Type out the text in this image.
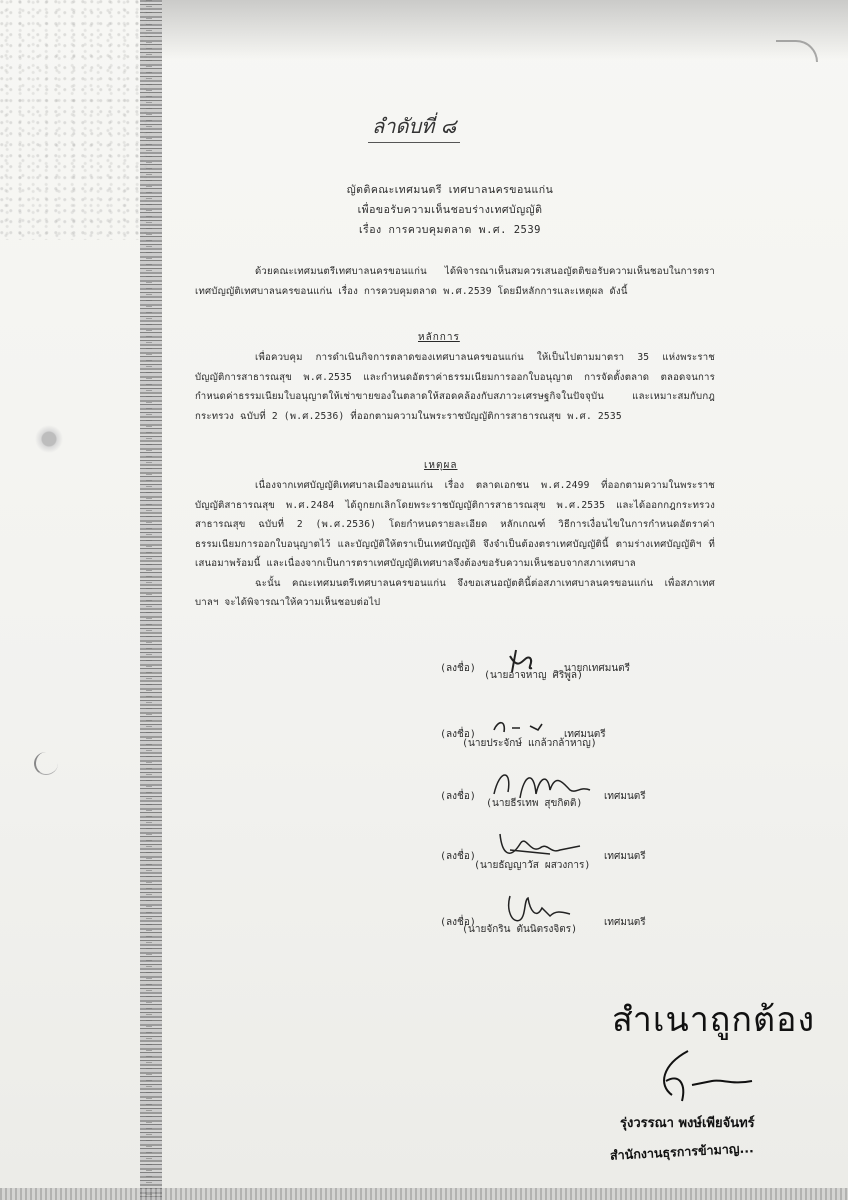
ลำดับที่ ๘
ญัตติคณะเทศมนตรี เทศบาลนครขอนแก่น
เพื่อขอรับความเห็นชอบร่างเทศบัญญัติ
เรื่อง การควบคุมตลาด พ.ศ. 2539

ด้วยคณะเทศมนตรีเทศบาลนครขอนแก่น ได้พิจารณาเห็นสมควรเสนอญัตติขอรับความเห็นชอบในการตราเทศบัญญัติเทศบาลนครขอนแก่น เรื่อง การควบคุมตลาด พ.ศ.2539 โดยมีหลักการและเหตุผล ดังนี้

หลักการ

เพื่อควบคุม การดำเนินกิจการตลาดของเทศบาลนครขอนแก่น ให้เป็นไปตามมาตรา 35 แห่งพระราชบัญญัติการสาธารณสุข พ.ศ.2535 และกำหนดอัตราค่าธรรมเนียมการออกใบอนุญาต การจัดตั้งตลาด ตลอดจนการกำหนดค่าธรรมเนียมใบอนุญาตให้เช่าขายของในตลาดให้สอดคล้องกับสภาวะเศรษฐกิจในปัจจุบัน และเหมาะสมกับกฎกระทรวง ฉบับที่ 2 (พ.ศ.2536) ที่ออกตามความในพระราชบัญญัติการสาธารณสุข พ.ศ. 2535

เหตุผล

เนื่องจากเทศบัญญัติเทศบาลเมืองขอนแก่น เรื่อง ตลาดเอกชน พ.ศ.2499 ที่ออกตามความในพระราชบัญญัติสาธารณสุข พ.ศ.2484 ได้ถูกยกเลิกโดยพระราชบัญญัติการสาธารณสุข พ.ศ.2535 และได้ออกกฎกระทรวงสาธารณสุข ฉบับที่ 2 (พ.ศ.2536) โดยกำหนดรายละเอียด หลักเกณฑ์ วิธีการเงื่อนไขในการกำหนดอัตราค่าธรรมเนียมการออกใบอนุญาตไว้ และบัญญัติให้ตราเป็นเทศบัญญัติ จึงจำเป็นต้องตราเทศบัญญัตินี้ ตามร่างเทศบัญญัติฯ ที่เสนอมาพร้อมนี้ และเนื่องจากเป็นการตราเทศบัญญัติเทศบาลจึงต้องขอรับความเห็นชอบจากสภาเทศบาล

ฉะนั้น คณะเทศมนตรีเทศบาลนครขอนแก่น จึงขอเสนอญัตตินี้ต่อสภาเทศบาลนครขอนแก่น เพื่อสภาเทศบาลฯ จะได้พิจารณาให้ความเห็นชอบต่อไป

(ลงชื่อ)	นายกเทศมนตรี
(นายอาจหาญ ศิริพูล)
(ลงชื่อ)	เทศมนตรี
(นายประจักษ์ แกล้วกล้าหาญ)
(ลงชื่อ)	เทศมนตรี
(นายธีรเทพ สุขกิตติ)
(ลงชื่อ)	เทศมนตรี
(นายธัญญาวัส ผสวงการ)
(ลงชื่อ)	เทศมนตรี
(นายจักริน ตันนิตรงจิตร)
สำเนาถูกต้อง
รุ่งวรรณา พงษ์เพียจันทร์
สำนักงานธุรการข้ามาญ...
